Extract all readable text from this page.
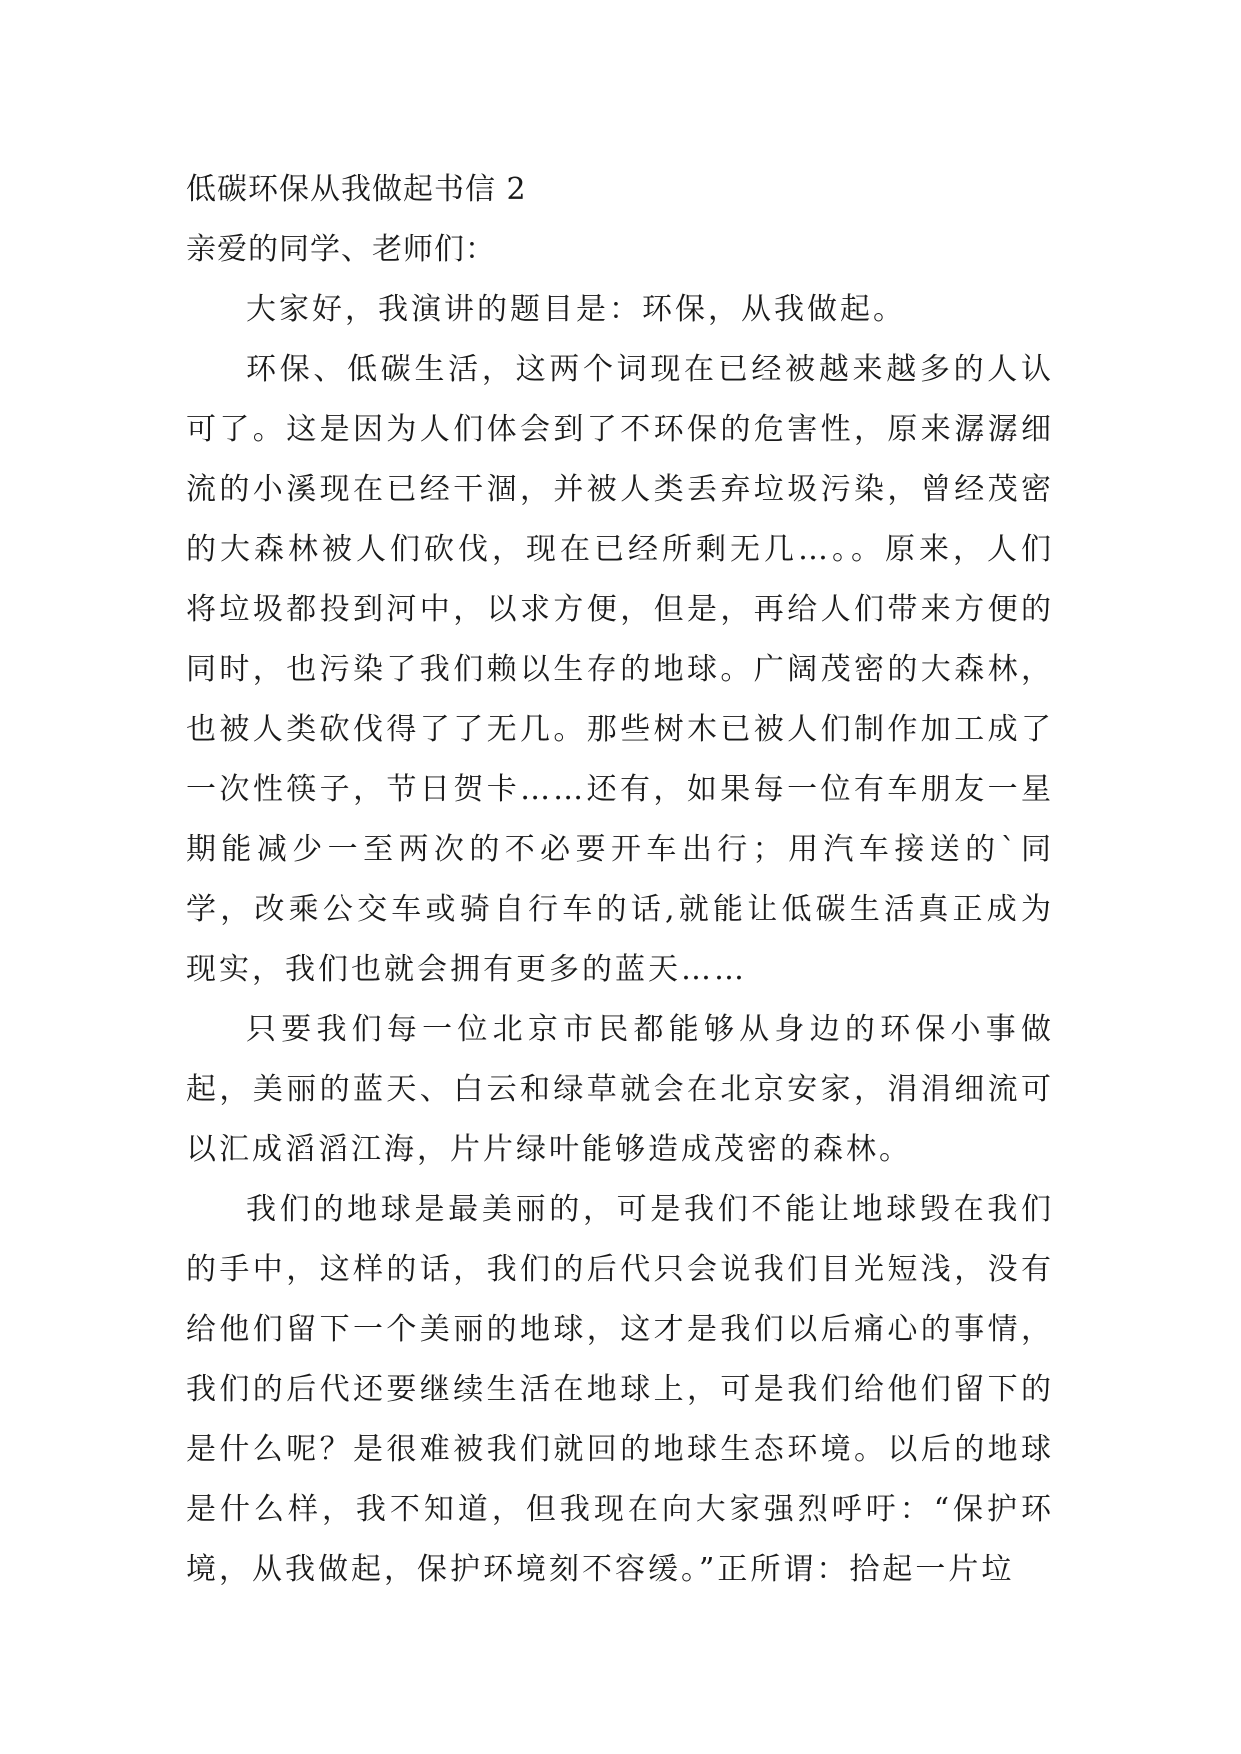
低碳环保从我做起书信 2

亲爱的同学、老师们：

大家好，我演讲的题目是：环保，从我做起。

环保、低碳生活，这两个词现在已经被越来越多的人认可了。这是因为人们体会到了不环保的危害性，原来潺潺细流的小溪现在已经干涸，并被人类丢弃垃圾污染，曾经茂密的大森林被人们砍伐，现在已经所剩无几…。。原来，人们将垃圾都投到河中，以求方便，但是，再给人们带来方便的同时，也污染了我们赖以生存的地球。广阔茂密的大森林，也被人类砍伐得了了无几。那些树木已被人们制作加工成了一次性筷子，节日贺卡……还有，如果每一位有车朋友一星期能减少一至两次的不必要开车出行；用汽车接送的`同学，改乘公交车或骑自行车的话,就能让低碳生活真正成为现实，我们也就会拥有更多的蓝天……

只要我们每一位北京市民都能够从身边的环保小事做起，美丽的蓝天、白云和绿草就会在北京安家，涓涓细流可以汇成滔滔江海，片片绿叶能够造成茂密的森林。

我们的地球是最美丽的，可是我们不能让地球毁在我们的手中，这样的话，我们的后代只会说我们目光短浅，没有给他们留下一个美丽的地球，这才是我们以后痛心的事情，我们的后代还要继续生活在地球上，可是我们给他们留下的是什么呢？是很难被我们就回的地球生态环境。以后的地球是什么样，我不知道，但我现在向大家强烈呼吁：“保护环境，从我做起，保护环境刻不容缓。”正所谓：拾起一片垃
